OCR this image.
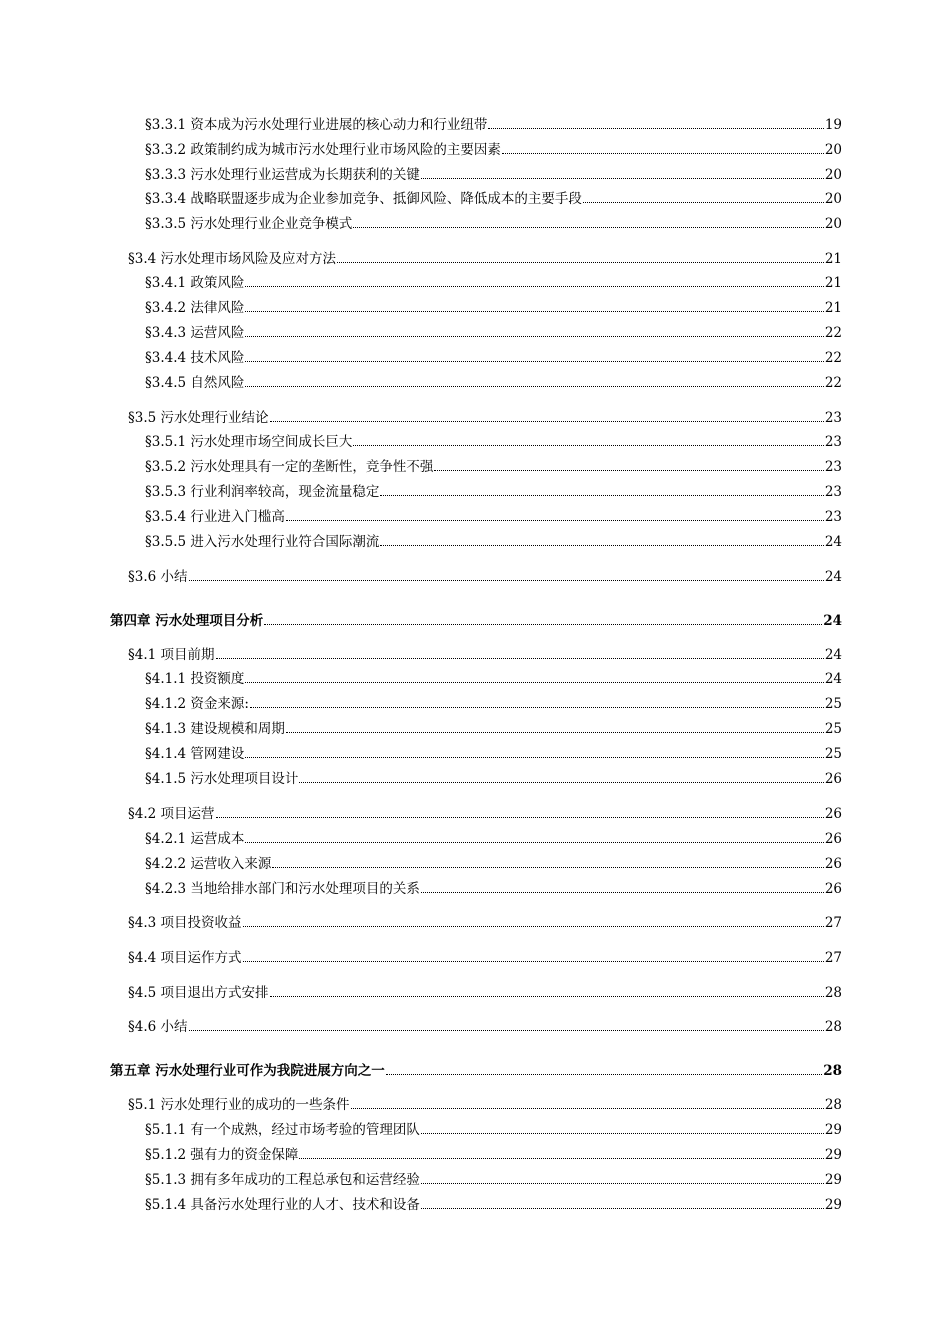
§3.3.1 资本成为污水处理行业进展的核心动力和行业纽带	19
§3.3.2 政策制约成为城市污水处理行业市场风险的主要因素	20
§3.3.3 污水处理行业运营成为长期获利的关键	20
§3.3.4 战略联盟逐步成为企业参加竞争、抵御风险、降低成本的主要手段	20
§3.3.5 污水处理行业企业竞争模式	20
§3.4 污水处理市场风险及应对方法	21
§3.4.1 政策风险	21
§3.4.2 法律风险	21
§3.4.3 运营风险	22
§3.4.4 技术风险	22
§3.4.5 自然风险	22
§3.5 污水处理行业结论	23
§3.5.1 污水处理市场空间成长巨大	23
§3.5.2 污水处理具有一定的垄断性，竞争性不强	23
§3.5.3 行业利润率较高，现金流量稳定	23
§3.5.4 行业进入门槛高	23
§3.5.5 进入污水处理行业符合国际潮流	24
§3.6 小结	24
第四章 污水处理项目分析	24
§4.1 项目前期	24
§4.1.1 投资额度	24
§4.1.2 资金来源:	25
§4.1.3 建设规模和周期	25
§4.1.4 管网建设	25
§4.1.5 污水处理项目设计	26
§4.2 项目运营	26
§4.2.1 运营成本	26
§4.2.2 运营收入来源	26
§4.2.3 当地给排水部门和污水处理项目的关系	26
§4.3 项目投资收益	27
§4.4 项目运作方式	27
§4.5 项目退出方式安排	28
§4.6 小结	28
第五章 污水处理行业可作为我院进展方向之一	28
§5.1 污水处理行业的成功的一些条件	28
§5.1.1 有一个成熟，经过市场考验的管理团队	29
§5.1.2 强有力的资金保障	29
§5.1.3 拥有多年成功的工程总承包和运营经验	29
§5.1.4 具备污水处理行业的人才、技术和设备	29
